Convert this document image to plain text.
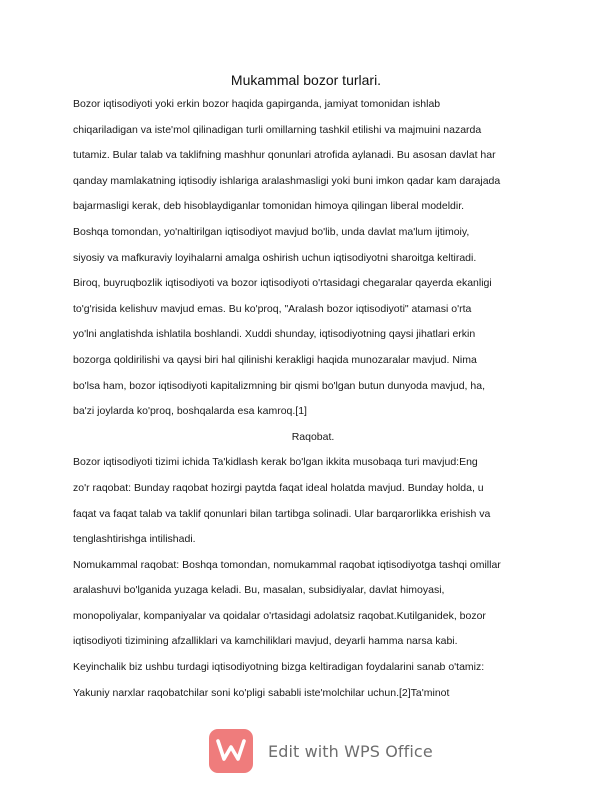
Mukammal bozor turlari.
Bozor iqtisodiyoti yoki erkin bozor haqida gapirganda, jamiyat tomonidan ishlab
chiqariladigan va iste'mol qilinadigan turli omillarning tashkil etilishi va majmuini nazarda
tutamiz. Bular talab va taklifning mashhur qonunlari atrofida aylanadi. Bu asosan davlat har
qanday mamlakatning iqtisodiy ishlariga aralashmasligi yoki buni imkon qadar kam darajada
bajarmasligi kerak, deb hisoblaydiganlar tomonidan himoya qilingan liberal modeldir.
Boshqa tomondan, yo'naltirilgan iqtisodiyot mavjud bo'lib, unda davlat ma'lum ijtimoiy,
siyosiy va mafkuraviy loyihalarni amalga oshirish uchun iqtisodiyotni sharoitga keltiradi.
Biroq, buyruqbozlik iqtisodiyoti va bozor iqtisodiyoti o'rtasidagi chegaralar qayerda ekanligi
to'g'risida kelishuv mavjud emas. Bu ko'proq, "Aralash bozor iqtisodiyoti" atamasi o'rta
yo'lni anglatishda ishlatila boshlandi. Xuddi shunday, iqtisodiyotning qaysi jihatlari erkin
bozorga qoldirilishi va qaysi biri hal qilinishi kerakligi haqida munozaralar mavjud. Nima
bo'lsa ham, bozor iqtisodiyoti kapitalizmning bir qismi bo'lgan butun dunyoda mavjud, ha,
ba'zi joylarda ko'proq, boshqalarda esa kamroq.[1]
Raqobat.
Bozor iqtisodiyoti tizimi ichida Ta'kidlash kerak bo'lgan ikkita musobaqa turi mavjud:Eng
zo'r raqobat: Bunday raqobat hozirgi paytda faqat ideal holatda mavjud. Bunday holda, u
faqat va faqat talab va taklif qonunlari bilan tartibga solinadi. Ular barqarorlikka erishish va
tenglashtirishga intilishadi.
Nomukammal raqobat: Boshqa tomondan, nomukammal raqobat iqtisodiyotga tashqi omillar
aralashuvi bo'lganida yuzaga keladi. Bu, masalan, subsidiyalar, davlat himoyasi,
monopoliyalar, kompaniyalar va qoidalar o'rtasidagi adolatsiz raqobat.Kutilganidek, bozor
iqtisodiyoti tizimining afzalliklari va kamchiliklari mavjud, deyarli hamma narsa kabi.
Keyinchalik biz ushbu turdagi iqtisodiyotning bizga keltiradigan foydalarini sanab o'tamiz:
Yakuniy narxlar raqobatchilar soni ko'pligi sababli iste'molchilar uchun.[2]Ta'minot
Edit with WPS Office
